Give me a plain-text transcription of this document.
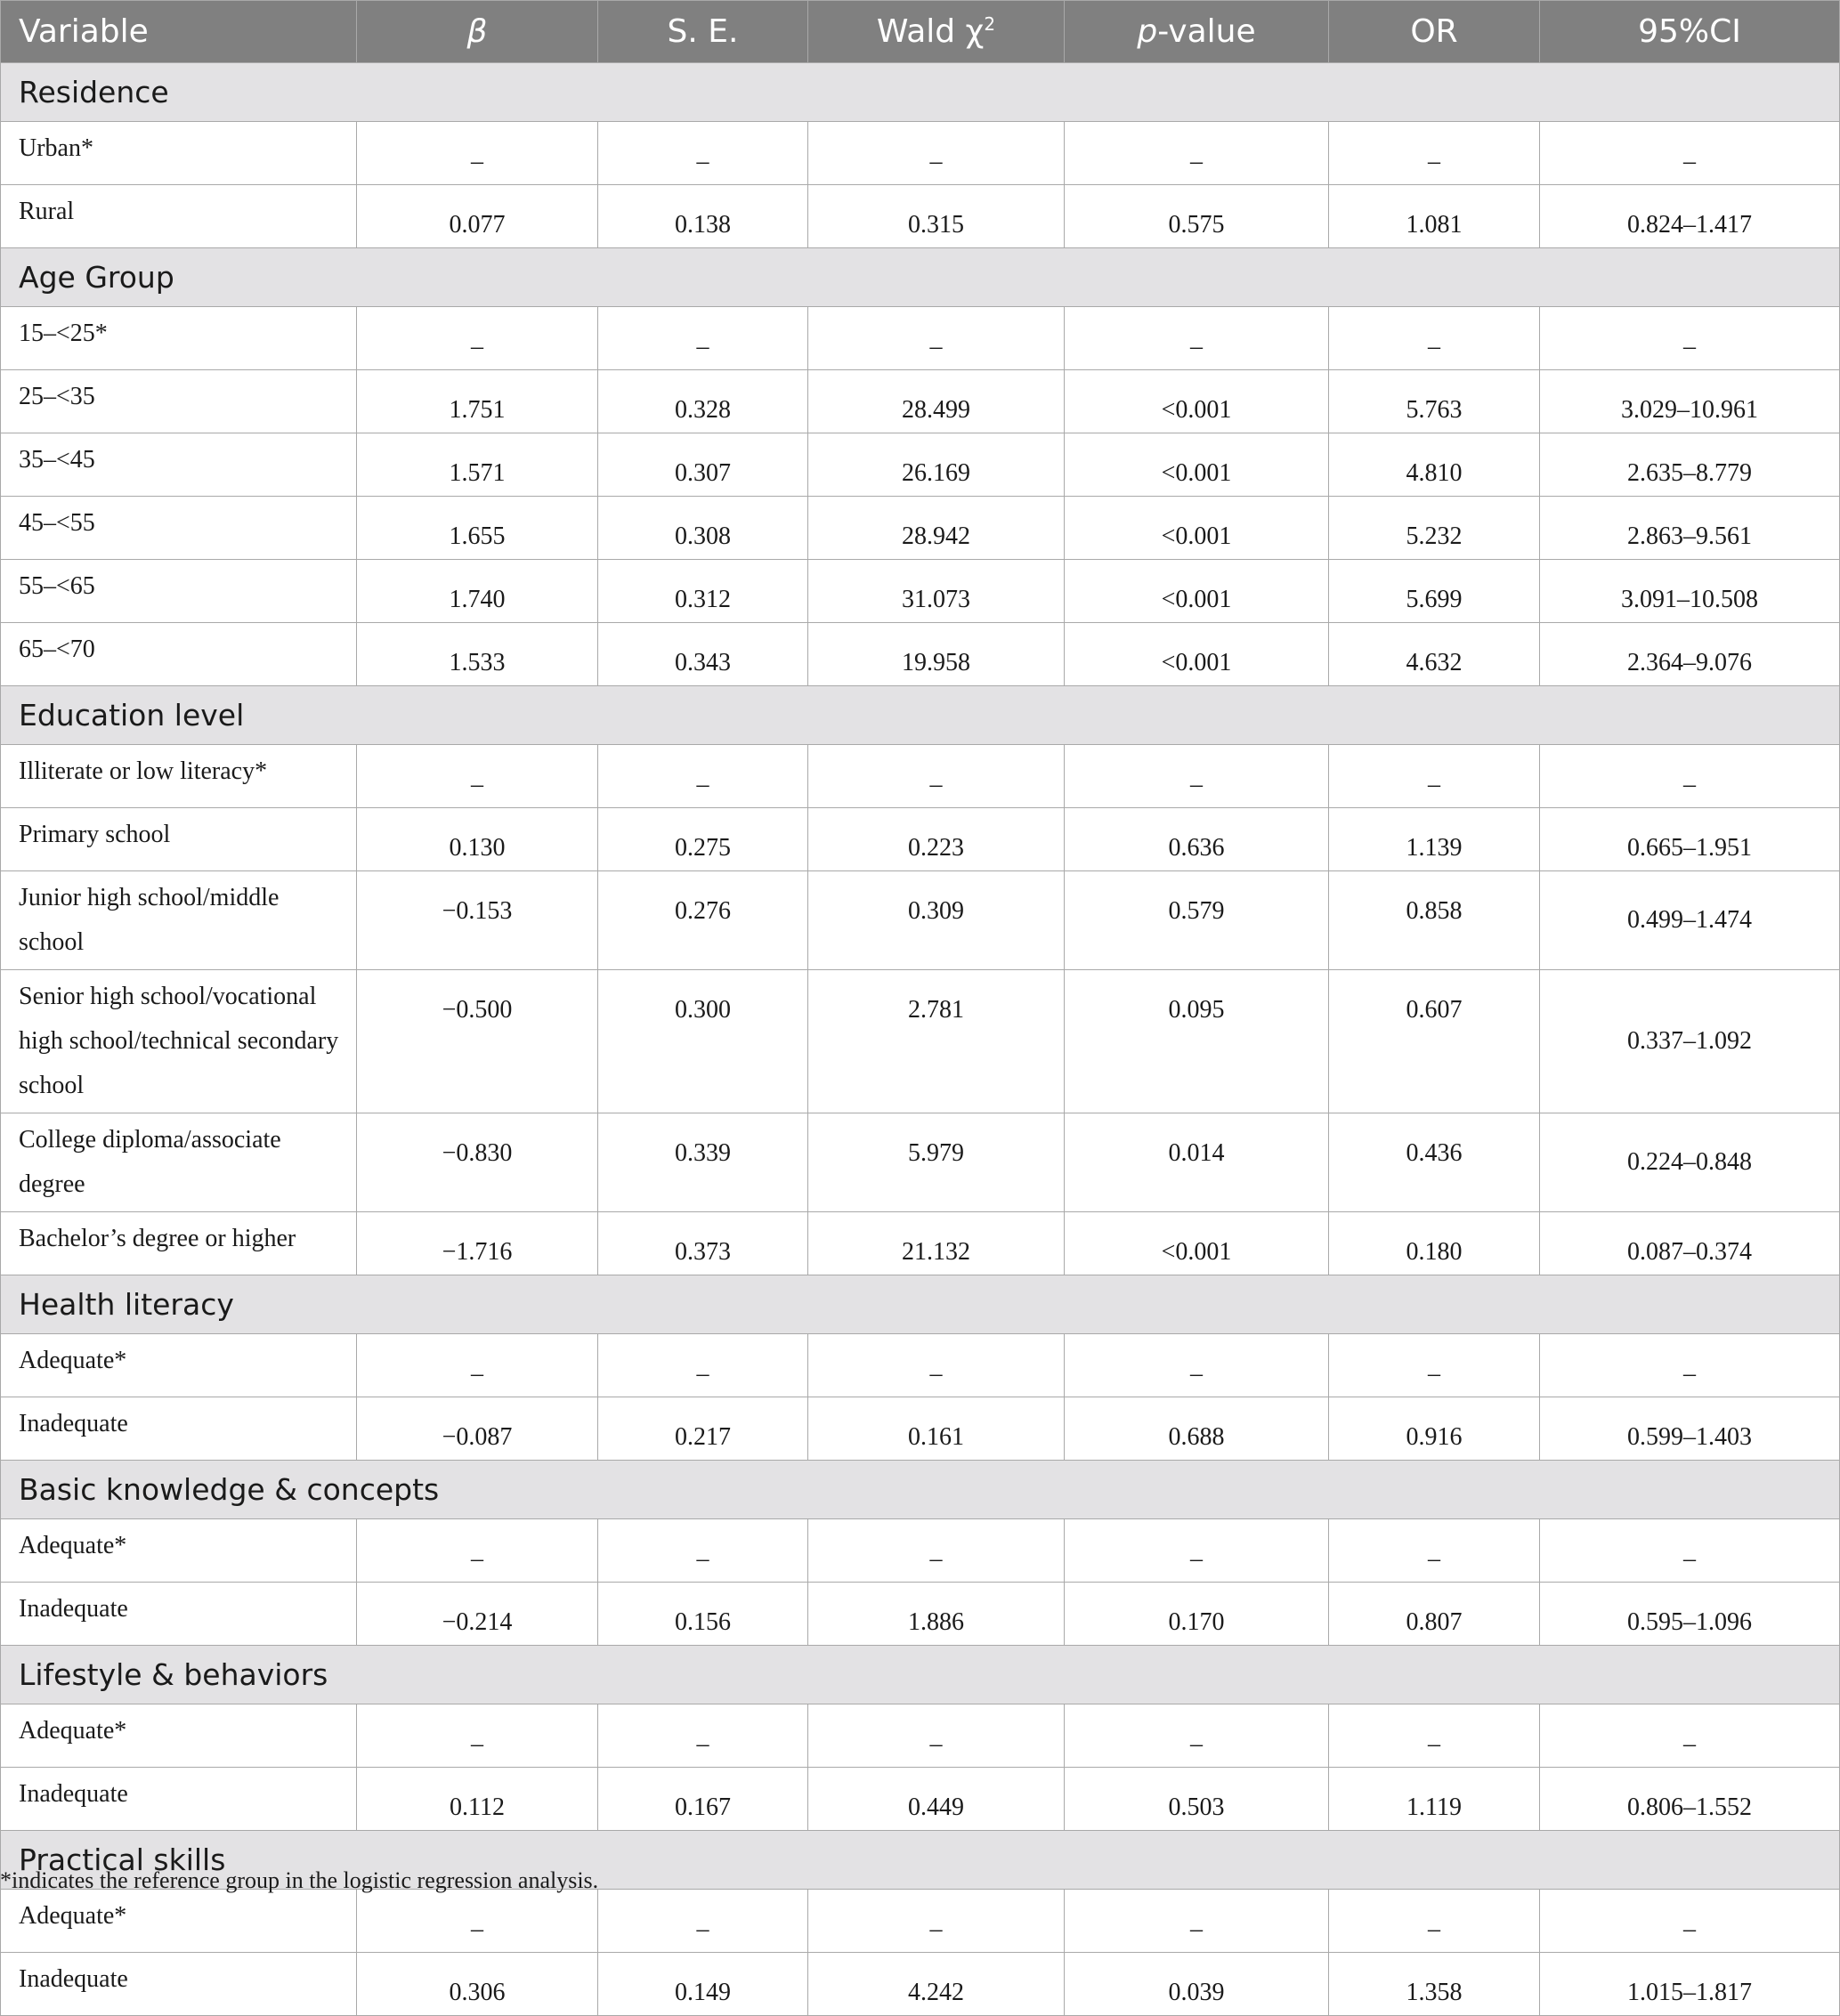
Variable	β	S. E.	Wald $\chi^2$	p-value	OR	95%CI
Residence						
Urban*	–	–	–	–	–	–
Rural	0.077	0.138	0.315	0.575	1.081	0.824–1.417
Age Group						
15–<25*	–	–	–	–	–	–
25–<35	1.751	0.328	28.499	<0.001	5.763	3.029–10.961
35–<45	1.571	0.307	26.169	<0.001	4.810	2.635–8.779
45–<55	1.655	0.308	28.942	<0.001	5.232	2.863–9.561
55–<65	1.740	0.312	31.073	<0.001	5.699	3.091–10.508
65–<70	1.533	0.343	19.958	<0.001	4.632	2.364–9.076
Education level						
Illiterate or low literacy*	–	–	–	–	–	–
Primary school	0.130	0.275	0.223	0.636	1.139	0.665–1.951
Junior high school/middle school	−0.153	0.276	0.309	0.579	0.858	0.499–1.474
Senior high school/vocational high school/technical secondary school	−0.500	0.300	2.781	0.095	0.607	0.337–1.092
College diploma/associate degree	−0.830	0.339	5.979	0.014	0.436	0.224–0.848
Bachelor’s degree or higher	−1.716	0.373	21.132	<0.001	0.180	0.087–0.374
Health literacy						
Adequate*	–	–	–	–	–	–
Inadequate	−0.087	0.217	0.161	0.688	0.916	0.599–1.403
Basic knowledge & concepts						
Adequate*	–	–	–	–	–	–
Inadequate	−0.214	0.156	1.886	0.170	0.807	0.595–1.096
Lifestyle & behaviors						
Adequate*	–	–	–	–	–	–
Inadequate	0.112	0.167	0.449	0.503	1.119	0.806–1.552
Practical skills						
Adequate*	–	–	–	–	–	–
Inadequate	0.306	0.149	4.242	0.039	1.358	1.015–1.817
*indicates the reference group in the logistic regression analysis.
